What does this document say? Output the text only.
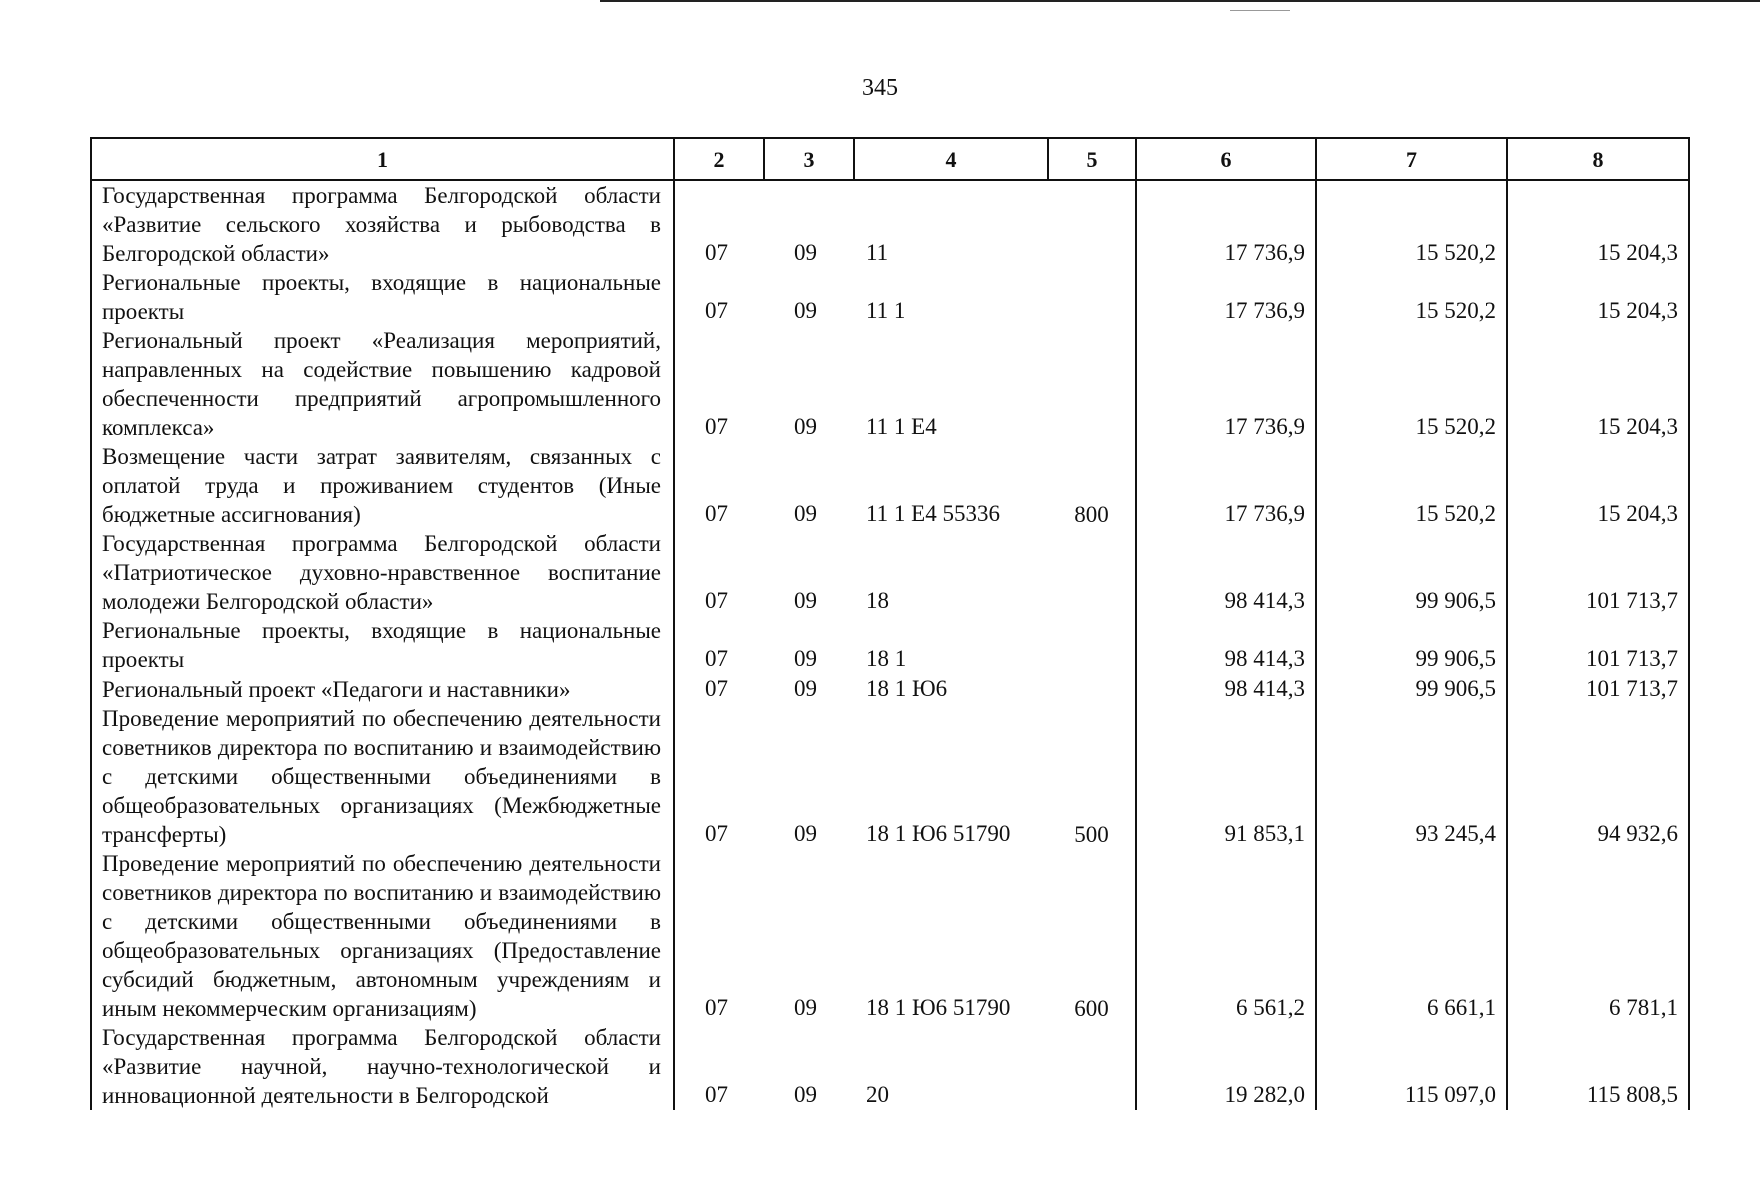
345
1	2	3	4	5	6	7	8

Государственная программа Белгородской области «Развитие сельского хозяйства и рыбоводства в Белгородской области»	07	09	11		17 736,9	15 520,2	15 204,3

Региональные проекты, входящие в национальные проекты	07	09	11 1		17 736,9	15 520,2	15 204,3

Региональный проект «Реализация мероприятий, направленных на содействие повышению кадровой обеспеченности предприятий агропромышленного комплекса»	07	09	11 1 Е4		17 736,9	15 520,2	15 204,3

Возмещение части затрат заявителям, связанных с оплатой труда и проживанием студентов (Иные бюджетные ассигнования)	07	09	11 1 Е4 55336	800	17 736,9	15 520,2	15 204,3

Государственная программа Белгородской области «Патриотическое духовно-нравственное воспитание молодежи Белгородской области»	07	09	18		98 414,3	99 906,5	101 713,7

Региональные проекты, входящие в национальные проекты	07	09	18 1		98 414,3	99 906,5	101 713,7

Региональный проект «Педагоги и наставники»	07	09	18 1 Ю6		98 414,3	99 906,5	101 713,7

Проведение мероприятий по обеспечению деятельности советников директора по воспитанию и взаимодействию с детскими общественными объединениями в общеобразовательных организациях (Межбюджетные трансферты)	07	09	18 1 Ю6 51790	500	91 853,1	93 245,4	94 932,6

Проведение мероприятий по обеспечению деятельности советников директора по воспитанию и взаимодействию с детскими общественными объединениями в общеобразовательных организациях (Предоставление субсидий бюджетным, автономным учреждениям и иным некоммерческим организациям)	07	09	18 1 Ю6 51790	600	6 561,2	6 661,1	6 781,1

Государственная программа Белгородской области «Развитие научной, научно-технологической и инновационной деятельности в Белгородской	07	09	20		19 282,0	115 097,0	115 808,5
